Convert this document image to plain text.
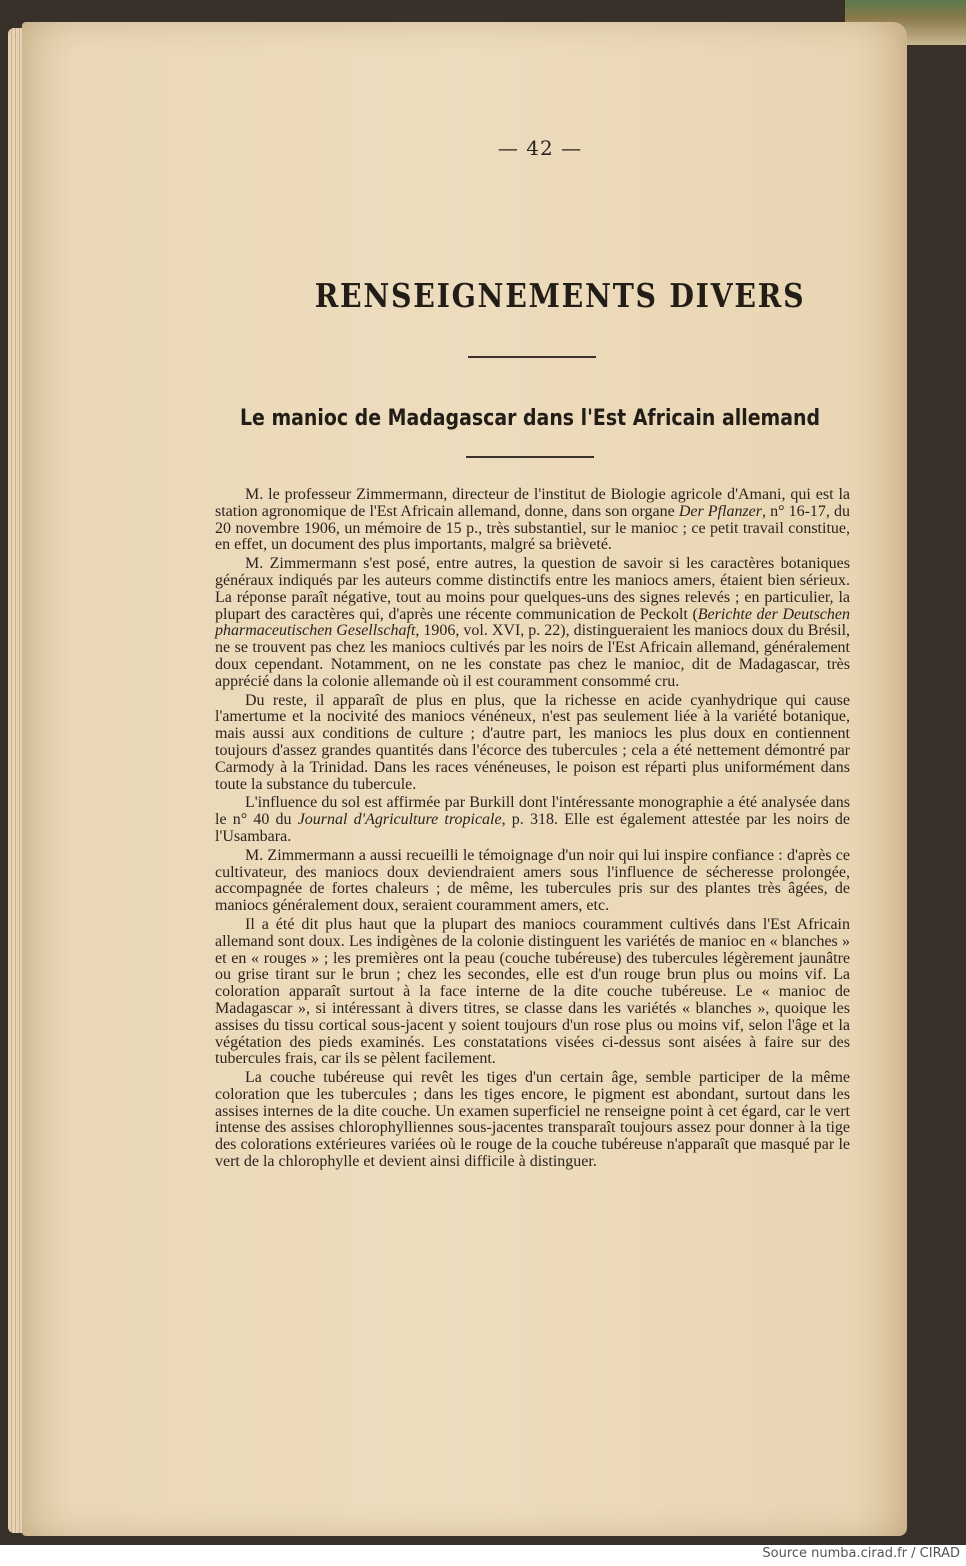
— 42 —
RENSEIGNEMENTS DIVERS
Le manioc de Madagascar dans l'Est Africain allemand

M. le professeur Zimmermann, directeur de l'institut de Biologie agricole d'Amani, qui est la station agronomique de l'Est Africain allemand, donne, dans son organe Der Pflanzer, n° 16-17, du 20 novembre 1906, un mémoire de 15 p., très substantiel, sur le manioc ; ce petit travail constitue, en effet, un document des plus importants, malgré sa brièveté.

M. Zimmermann s'est posé, entre autres, la question de savoir si les caractères botaniques généraux indiqués par les auteurs comme distinctifs entre les maniocs amers, étaient bien sérieux. La réponse paraît négative, tout au moins pour quelques-uns des signes relevés ; en particulier, la plupart des caractères qui, d'après une récente communication de Peckolt (Berichte der Deutschen pharmaceutischen Gesellschaft, 1906, vol. XVI, p. 22), distingueraient les maniocs doux du Brésil, ne se trouvent pas chez les maniocs cultivés par les noirs de l'Est Africain allemand, généralement doux cependant. Notamment, on ne les constate pas chez le manioc, dit de Madagascar, très apprécié dans la colonie allemande où il est couramment consommé cru.

Du reste, il apparaît de plus en plus, que la richesse en acide cyanhydrique qui cause l'amertume et la nocivité des maniocs vénéneux, n'est pas seulement liée à la variété botanique, mais aussi aux conditions de culture ; d'autre part, les maniocs les plus doux en contiennent toujours d'assez grandes quantités dans l'écorce des tubercules ; cela a été nettement démontré par Carmody à la Trinidad. Dans les races vénéneuses, le poison est réparti plus uniformément dans toute la substance du tubercule.

L'influence du sol est affirmée par Burkill dont l'intéressante monographie a été analysée dans le n° 40 du Journal d'Agriculture tropicale, p. 318. Elle est également attestée par les noirs de l'Usambara.

M. Zimmermann a aussi recueilli le témoignage d'un noir qui lui inspire confiance : d'après ce cultivateur, des maniocs doux deviendraient amers sous l'influence de sécheresse prolongée, accompagnée de fortes chaleurs ; de même, les tubercules pris sur des plantes très âgées, de maniocs généralement doux, seraient couramment amers, etc.

Il a été dit plus haut que la plupart des maniocs couramment cultivés dans l'Est Africain allemand sont doux. Les indigènes de la colonie distinguent les variétés de manioc en « blanches » et en « rouges » ; les premières ont la peau (couche tubéreuse) des tubercules légèrement jaunâtre ou grise tirant sur le brun ; chez les secondes, elle est d'un rouge brun plus ou moins vif. La coloration apparaît surtout à la face interne de la dite couche tubéreuse. Le « manioc de Madagascar », si intéressant à divers titres, se classe dans les variétés « blanches », quoique les assises du tissu cortical sous-jacent y soient toujours d'un rose plus ou moins vif, selon l'âge et la végétation des pieds examinés. Les constatations visées ci-dessus sont aisées à faire sur des tubercules frais, car ils se pèlent facilement.

La couche tubéreuse qui revêt les tiges d'un certain âge, semble participer de la même coloration que les tubercules ; dans les tiges encore, le pigment est abondant, surtout dans les assises internes de la dite couche. Un examen superficiel ne renseigne point à cet égard, car le vert intense des assises chlorophylliennes sous-jacentes transparaît toujours assez pour donner à la tige des colorations extérieures variées où le rouge de la couche tubéreuse n'apparaît que masqué par le vert de la chlorophylle et devient ainsi difficile à distinguer.

Source numba.cirad.fr / CIRAD
